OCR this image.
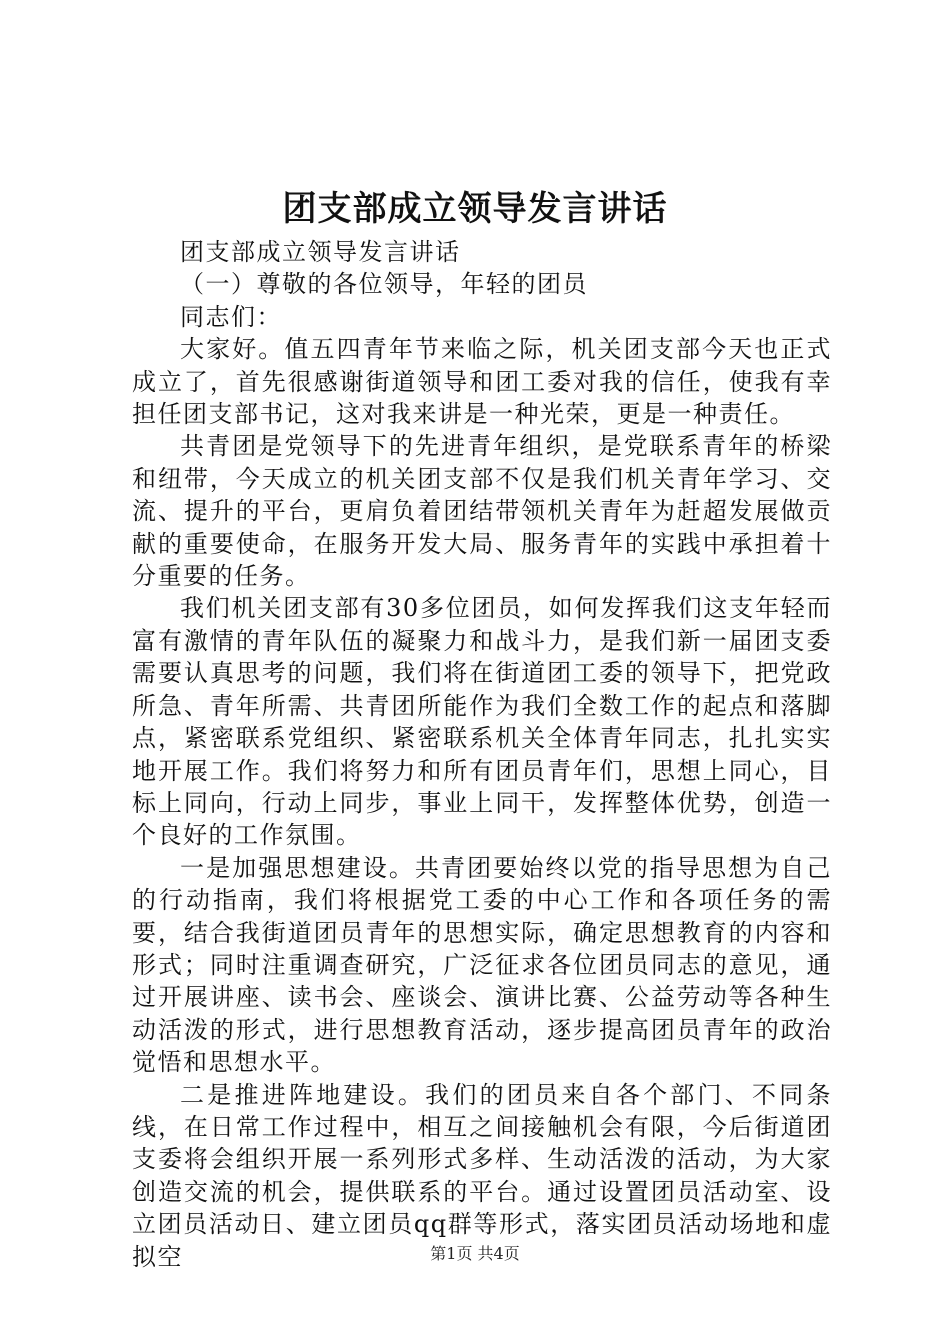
团支部成立领导发言讲话

团支部成立领导发言讲话

（一）尊敬的各位领导，年轻的团员

同志们：

大家好。值五四青年节来临之际，机关团支部今天也正式成立了，首先很感谢街道领导和团工委对我的信任，使我有幸担任团支部书记，这对我来讲是一种光荣，更是一种责任。

共青团是党领导下的先进青年组织，是党联系青年的桥梁和纽带，今天成立的机关团支部不仅是我们机关青年学习、交流、提升的平台，更肩负着团结带领机关青年为赶超发展做贡献的重要使命，在服务开发大局、服务青年的实践中承担着十分重要的任务。

我们机关团支部有30多位团员，如何发挥我们这支年轻而富有激情的青年队伍的凝聚力和战斗力，是我们新一届团支委需要认真思考的问题，我们将在街道团工委的领导下，把党政所急、青年所需、共青团所能作为我们全数工作的起点和落脚点，紧密联系党组织、紧密联系机关全体青年同志，扎扎实实地开展工作。我们将努力和所有团员青年们，思想上同心，目标上同向，行动上同步，事业上同干，发挥整体优势，创造一个良好的工作氛围。

一是加强思想建设。共青团要始终以党的指导思想为自己的行动指南，我们将根据党工委的中心工作和各项任务的需要，结合我街道团员青年的思想实际，确定思想教育的内容和形式；同时注重调查研究，广泛征求各位团员同志的意见，通过开展讲座、读书会、座谈会、演讲比赛、公益劳动等各种生动活泼的形式，进行思想教育活动，逐步提高团员青年的政治觉悟和思想水平。

二是推进阵地建设。我们的团员来自各个部门、不同条线，在日常工作过程中，相互之间接触机会有限，今后街道团支委将会组织开展一系列形式多样、生动活泼的活动，为大家创造交流的机会，提供联系的平台。通过设置团员活动室、设立团员活动日、建立团员qq群等形式，落实团员活动场地和虚拟空	第1页 共4页
